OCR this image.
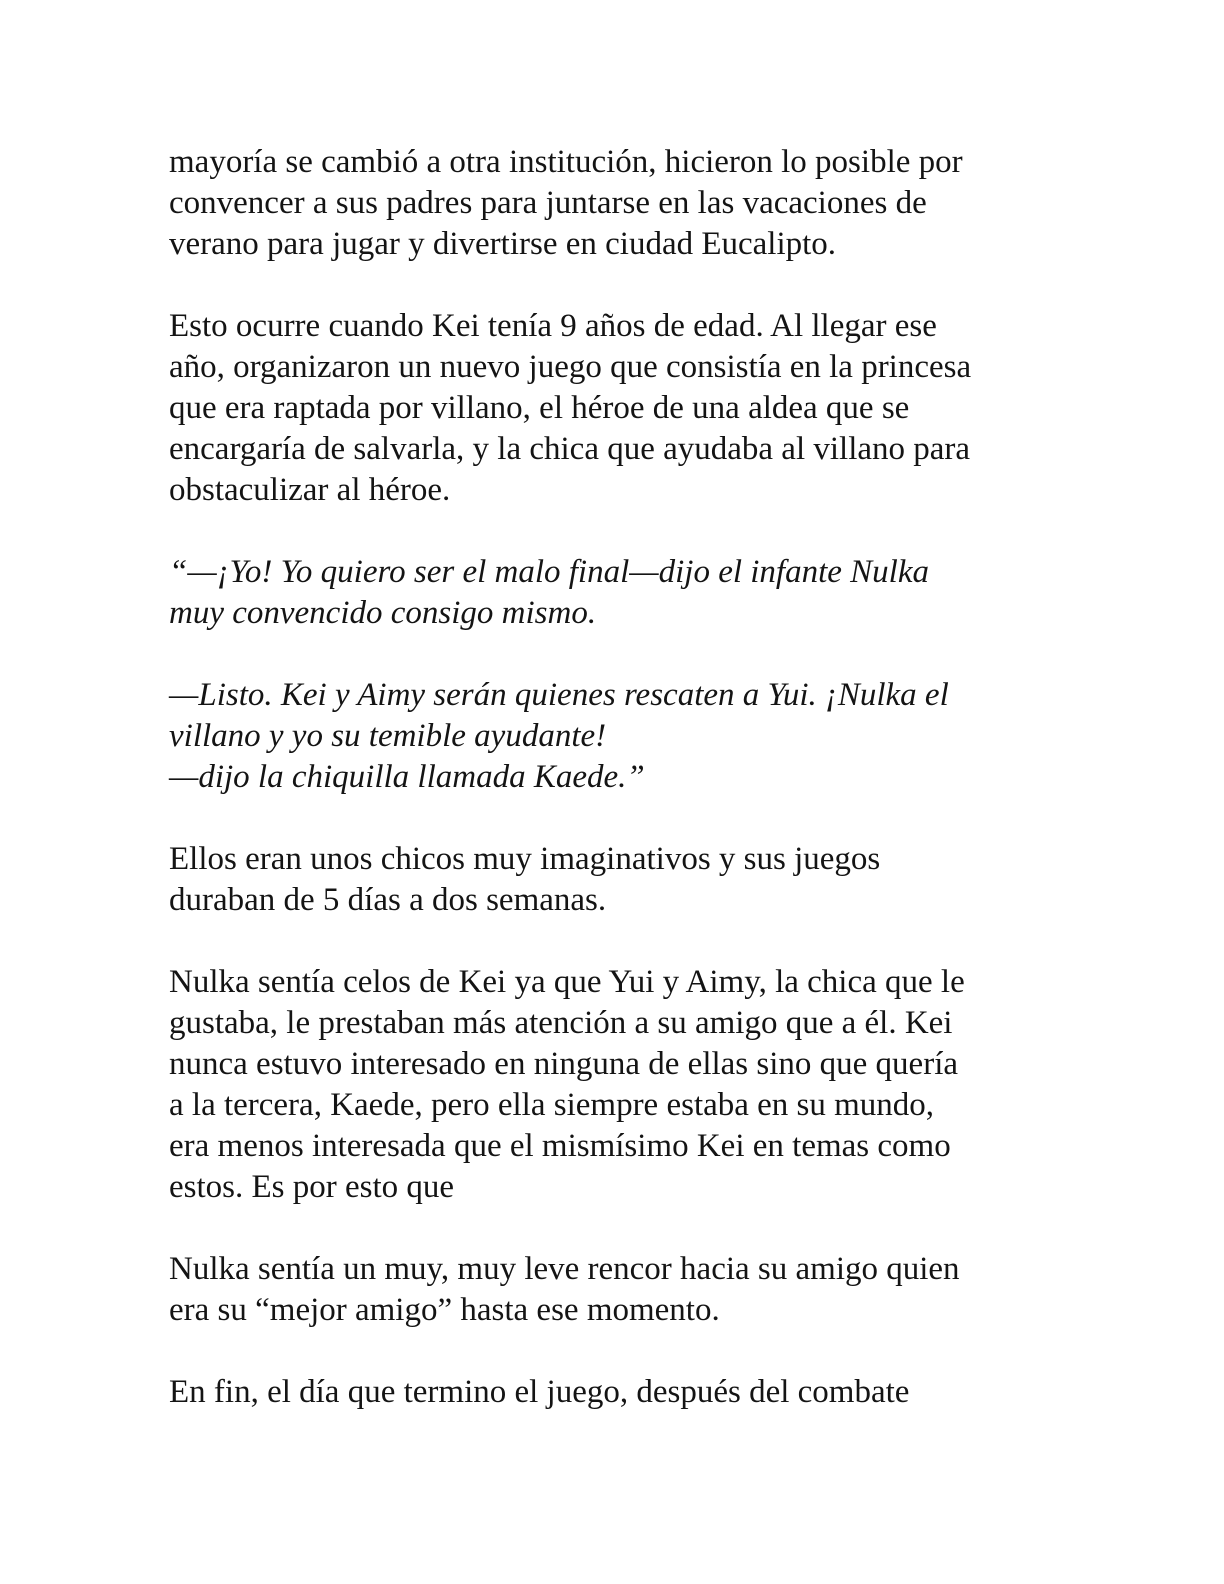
mayoría se cambió a otra institución, hicieron lo posible por
convencer a sus padres para juntarse en las vacaciones de
verano para jugar y divertirse en ciudad Eucalipto.

Esto ocurre cuando Kei tenía 9 años de edad. Al llegar ese
año, organizaron un nuevo juego que consistía en la princesa
que era raptada por villano, el héroe de una aldea que se
encargaría de salvarla, y la chica que ayudaba al villano para
obstaculizar al héroe.

“—¡Yo! Yo quiero ser el malo final—dijo el infante Nulka
muy convencido consigo mismo.

—Listo. Kei y Aimy serán quienes rescaten a Yui. ¡Nulka el
villano y yo su temible ayudante!
—dijo la chiquilla llamada Kaede.”

Ellos eran unos chicos muy imaginativos y sus juegos
duraban de 5 días a dos semanas.

Nulka sentía celos de Kei ya que Yui y Aimy, la chica que le
gustaba, le prestaban más atención a su amigo que a él. Kei
nunca estuvo interesado en ninguna de ellas sino que quería
a la tercera, Kaede, pero ella siempre estaba en su mundo,
era menos interesada que el mismísimo Kei en temas como
estos. Es por esto que

Nulka sentía un muy, muy leve rencor hacia su amigo quien
era su “mejor amigo” hasta ese momento.

En fin, el día que termino el juego, después del combate
